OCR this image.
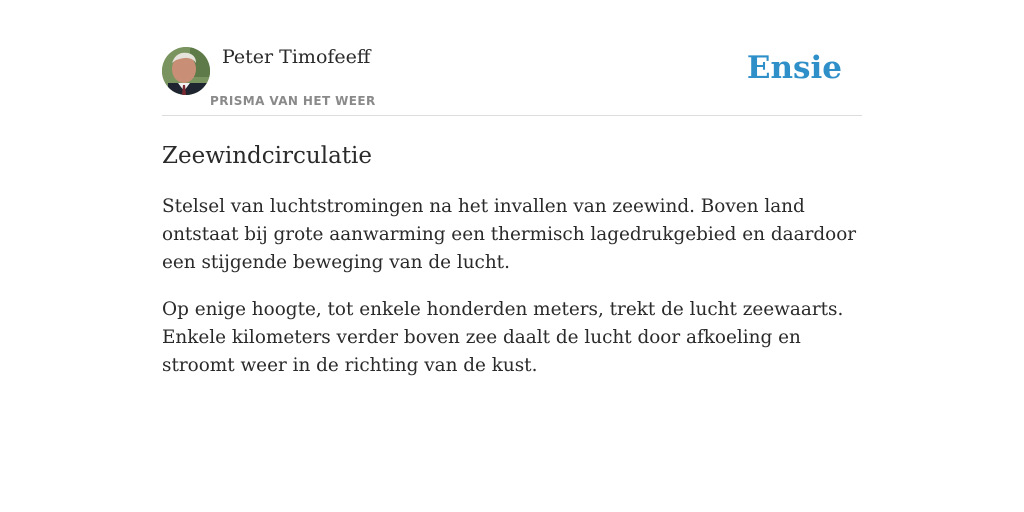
Peter Timofeeff
PRISMA VAN HET WEER
Ensie
Zeewindcirculatie

Stelsel van luchtstromingen na het invallen van zeewind. Boven land ontstaat bij grote aanwarming een thermisch lagedrukgebied en daardoor een stijgende beweging van de lucht.

Op enige hoogte, tot enkele honderden meters, trekt de lucht zeewaarts. Enkele kilometers verder boven zee daalt de lucht door afkoeling en stroomt weer in de richting van de kust.
